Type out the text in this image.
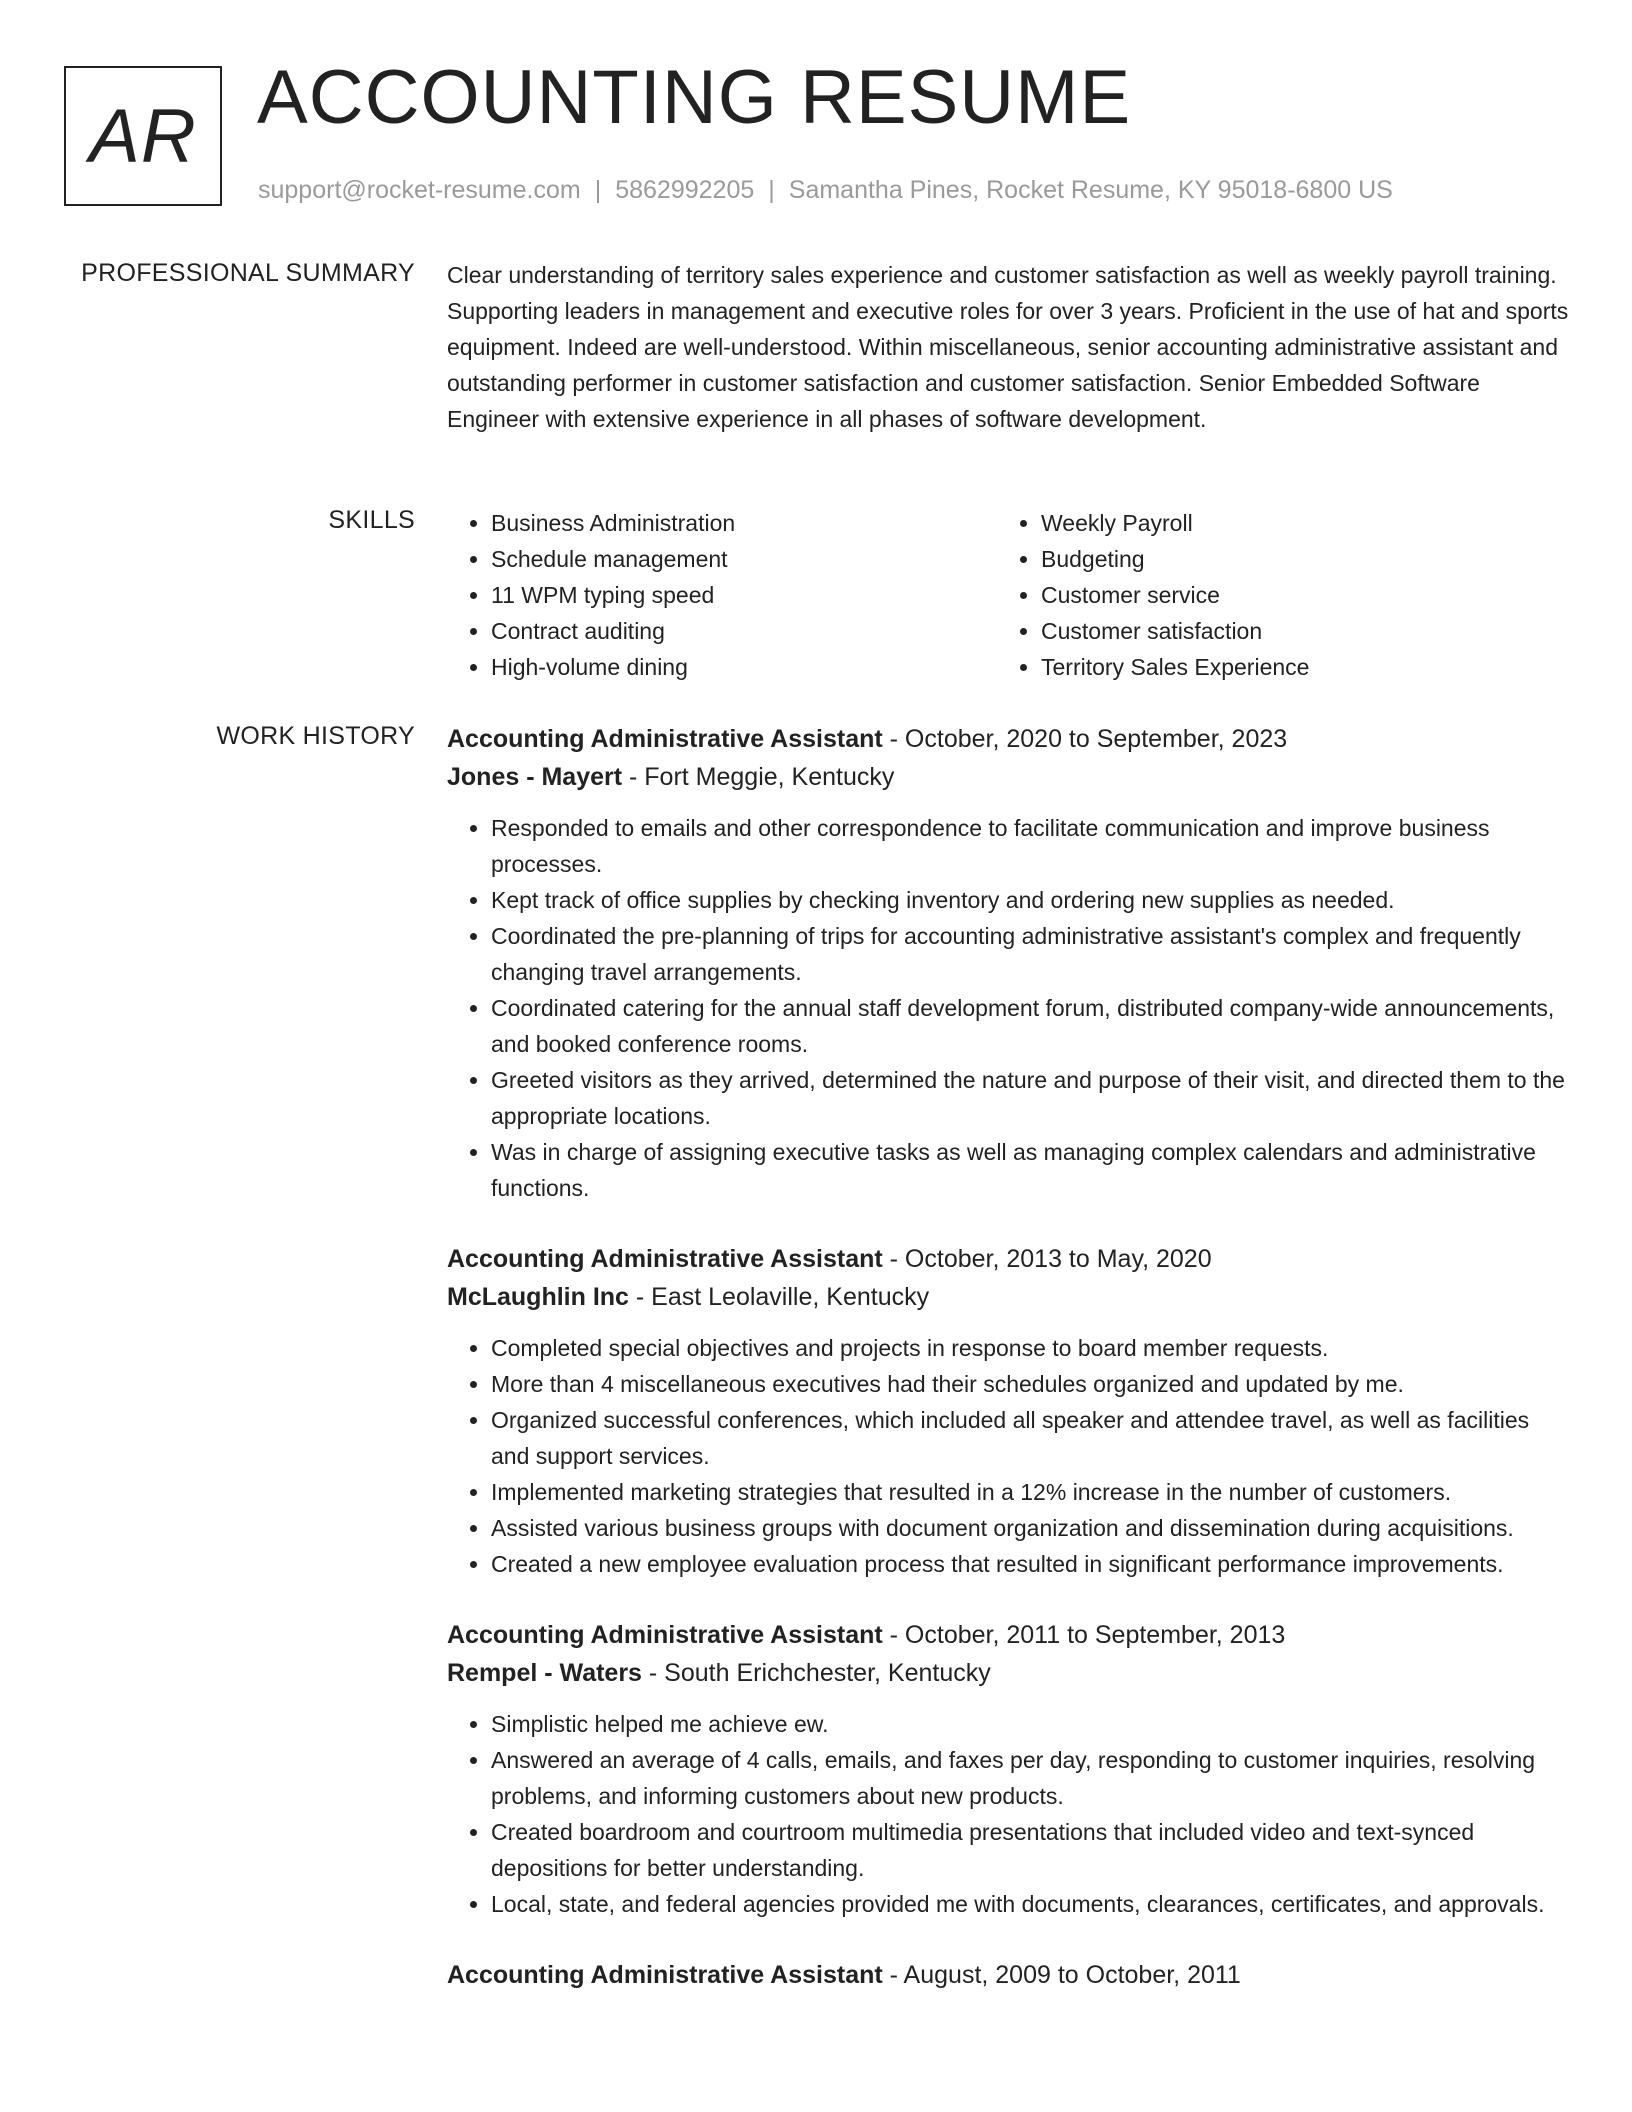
AR ACCOUNTING RESUME
support@rocket-resume.com | 5862992205 | Samantha Pines, Rocket Resume, KY 95018-6800 US
PROFESSIONAL SUMMARY Clear understanding of territory sales experience and customer satisfaction as well as weekly payroll training. Supporting leaders in management and executive roles for over 3 years. Proficient in the use of hat and sports equipment. Indeed are well-understood. Within miscellaneous, senior accounting administrative assistant and outstanding performer in customer satisfaction and customer satisfaction. Senior Embedded Software Engineer with extensive experience in all phases of software development.

SKILLS
•	Business Administration
• Schedule management
• 11 WPM typing speed
• Contract auditing
• High-volume dining
• Weekly Payroll
• Budgeting
• Customer service
• Customer satisfaction
• Territory Sales Experience
WORK HISTORY Accounting Administrative Assistant - October, 2020 to September, 2023
Jones - Mayert - Fort Meggie, Kentucky
• Responded to emails and other correspondence to facilitate communication and improve business processes.
• Kept track of office supplies by checking inventory and ordering new supplies as needed.
• Coordinated the pre-planning of trips for accounting administrative assistant's complex and frequently changing travel arrangements.
• Coordinated catering for the annual staff development forum, distributed company-wide announcements, and booked conference rooms.
• Greeted visitors as they arrived, determined the nature and purpose of their visit, and directed them to the appropriate locations.
• Was in charge of assigning executive tasks as well as managing complex calendars and administrative functions.
Accounting Administrative Assistant - October, 2013 to May, 2020
McLaughlin Inc - East Leolaville, Kentucky
• Completed special objectives and projects in response to board member requests.
• More than 4 miscellaneous executives had their schedules organized and updated by me.
• Organized successful conferences, which included all speaker and attendee travel, as well as facilities and support services.
• Implemented marketing strategies that resulted in a 12% increase in the number of customers.
• Assisted various business groups with document organization and dissemination during acquisitions.
• Created a new employee evaluation process that resulted in significant performance improvements.
Accounting Administrative Assistant - October, 2011 to September, 2013
Rempel - Waters - South Erichchester, Kentucky
• Simplistic helped me achieve ew.
• Answered an average of 4 calls, emails, and faxes per day, responding to customer inquiries, resolving problems, and informing customers about new products.
• Created boardroom and courtroom multimedia presentations that included video and text-synced depositions for better understanding.
• Local, state, and federal agencies provided me with documents, clearances, certificates, and approvals.
Accounting Administrative Assistant - August, 2009 to October, 2011
